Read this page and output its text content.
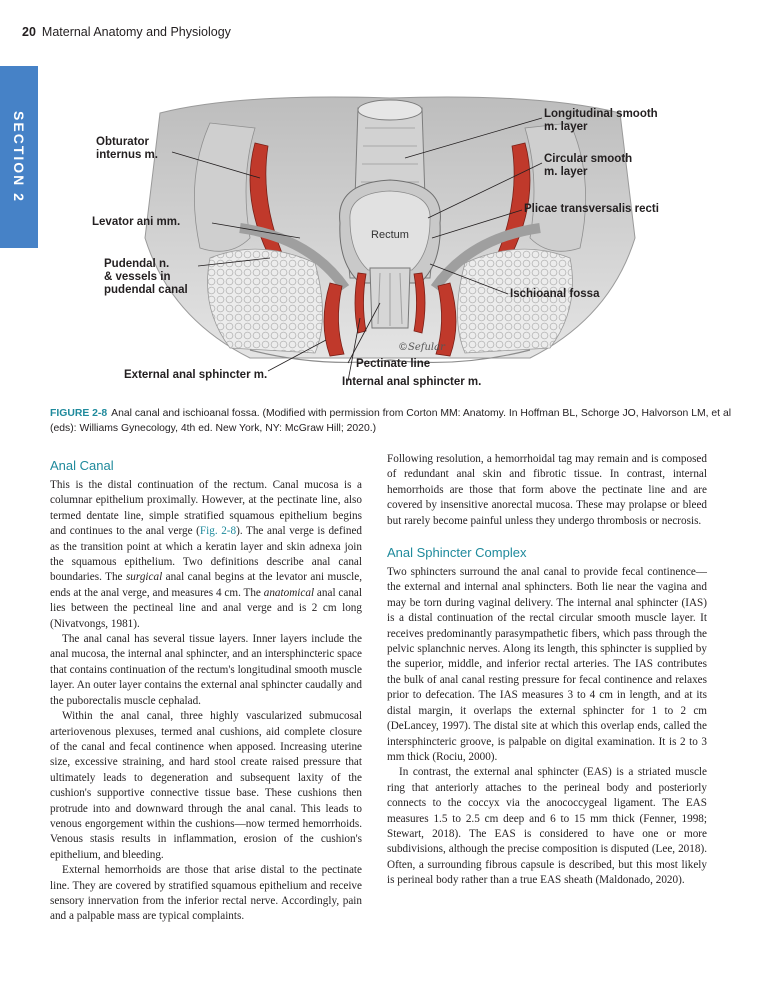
20 Maternal Anatomy and Physiology
SECTION 2
©Sefular
Rectum
Obturator
internus m.
Levator ani mm.
Pudendal n.
& vessels in
pudendal canal
External anal sphincter m.
Longitudinal smooth
m. layer
Circular smooth
m. layer
Plicae transversalis recti
Ischioanal fossa
Pectinate line
Internal anal sphincter m.
FIGURE 2-8 Anal canal and ischioanal fossa. (Modified with permission from Corton MM: Anatomy. In Hoffman BL, Schorge JO, Halvorson LM, et al (eds): Williams Gynecology, 4th ed. New York, NY: McGraw Hill; 2020.)
Anal Canal

This is the distal continuation of the rectum. Canal mucosa is a columnar epithelium proximally. However, at the pectinate line, also termed dentate line, simple stratified squamous epithelium begins and continues to the anal verge (Fig. 2-8). The anal verge is defined as the transition point at which a keratin layer and skin adnexa join the squamous epithelium. Two definitions describe anal canal boundaries. The surgical anal canal begins at the levator ani muscle, ends at the anal verge, and measures 4 cm. The anatomical anal canal lies between the pectineal line and anal verge and is 2 cm long (Nivatvongs, 1981).

The anal canal has several tissue layers. Inner layers include the anal mucosa, the internal anal sphincter, and an intersphincteric space that contains continuation of the rectum's longitudinal smooth muscle layer. An outer layer contains the external anal sphincter caudally and the puborectalis muscle cephalad.

Within the anal canal, three highly vascularized submucosal arteriovenous plexuses, termed anal cushions, aid complete closure of the canal and fecal continence when apposed. Increasing uterine size, excessive straining, and hard stool create raised pressure that ultimately leads to degeneration and subsequent laxity of the cushion's supportive connective tissue base. These cushions then protrude into and downward through the anal canal. This leads to venous engorgement within the cushions—now termed hemorrhoids. Venous stasis results in inflammation, erosion of the cushion's epithelium, and bleeding.

External hemorrhoids are those that arise distal to the pectinate line. They are covered by stratified squamous epithelium and receive sensory innervation from the inferior rectal nerve. Accordingly, pain and a palpable mass are typical complaints.

Following resolution, a hemorrhoidal tag may remain and is composed of redundant anal skin and fibrotic tissue. In contrast, internal hemorrhoids are those that form above the pectinate line and are covered by insensitive anorectal mucosa. These may prolapse or bleed but rarely become painful unless they undergo thrombosis or necrosis.

Anal Sphincter Complex

Two sphincters surround the anal canal to provide fecal continence—the external and internal anal sphincters. Both lie near the vagina and may be torn during vaginal delivery. The internal anal sphincter (IAS) is a distal continuation of the rectal circular smooth muscle layer. It receives predominantly parasympathetic fibers, which pass through the pelvic splanchnic nerves. Along its length, this sphincter is supplied by the superior, middle, and inferior rectal arteries. The IAS contributes the bulk of anal canal resting pressure for fecal continence and relaxes prior to defecation. The IAS measures 3 to 4 cm in length, and at its distal margin, it overlaps the external sphincter for 1 to 2 cm (DeLancey, 1997). The distal site at which this overlap ends, called the intersphincteric groove, is palpable on digital examination. It is 2 to 3 mm thick (Rociu, 2000).

In contrast, the external anal sphincter (EAS) is a striated muscle ring that anteriorly attaches to the perineal body and posteriorly connects to the coccyx via the anococcygeal ligament. The EAS measures 1.5 to 2.5 cm deep and 6 to 15 mm thick (Fenner, 1998; Stewart, 2018). The EAS is considered to have one or more subdivisions, although the precise composition is disputed (Lee, 2018). Often, a surrounding fibrous capsule is described, but this most likely is perineal body rather than a true EAS sheath (Maldonado, 2020).
